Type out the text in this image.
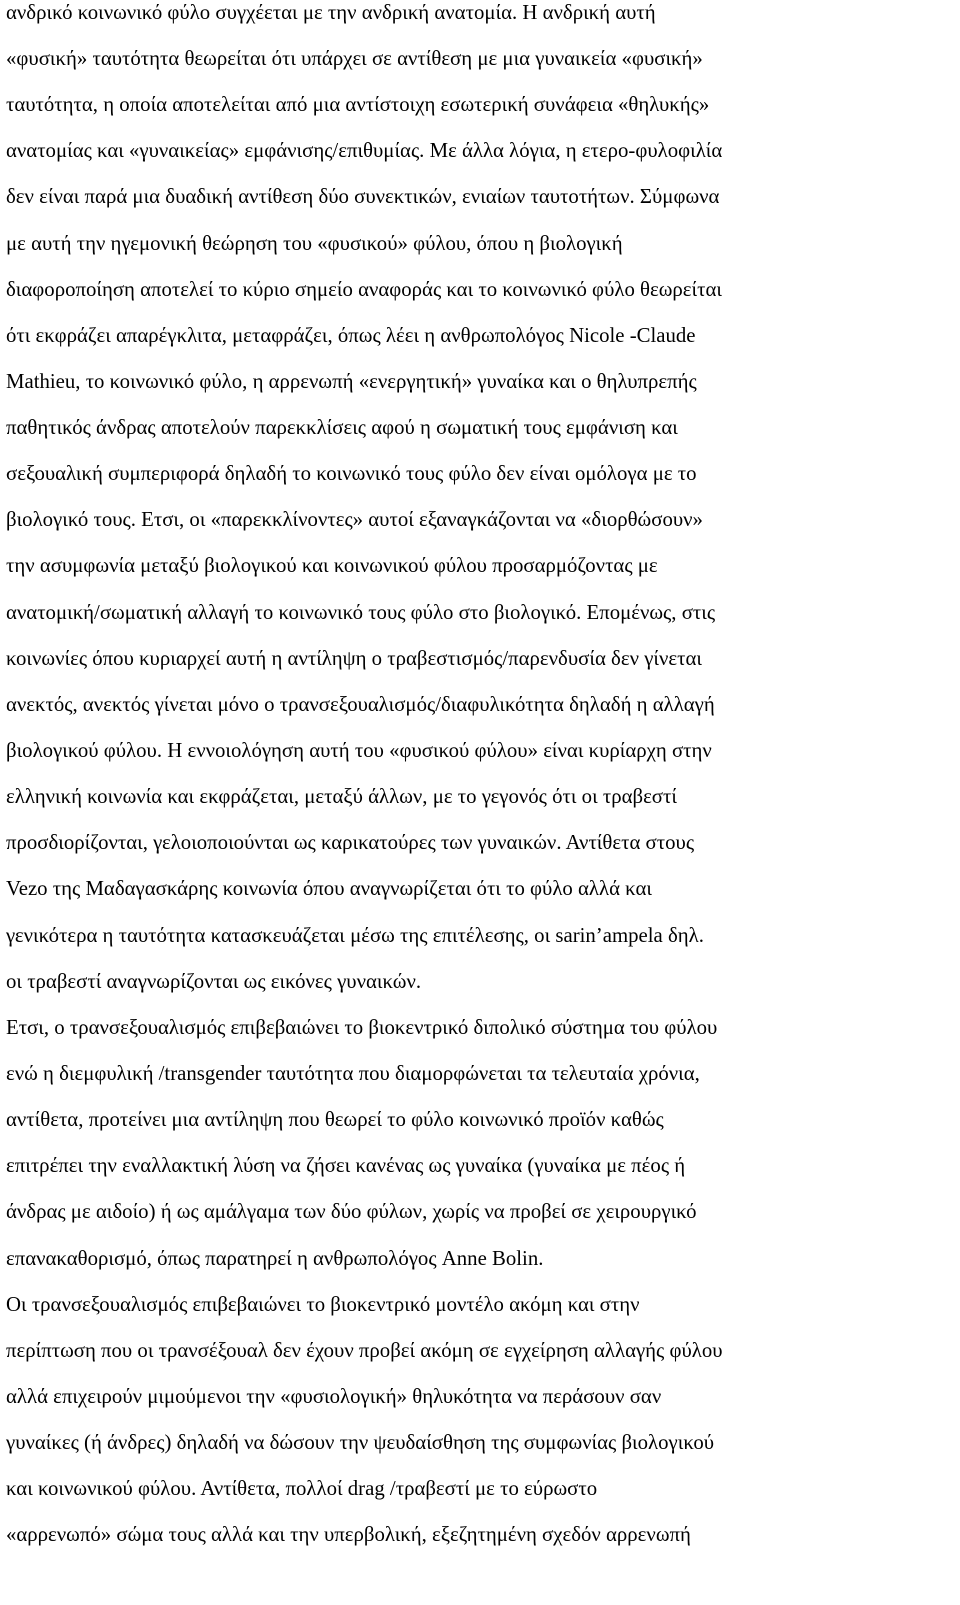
ανδρικό κοινωνικό φύλο συγχέεται με την ανδρική ανατομία. Η ανδρική αυτή
«φυσική» ταυτότητα θεωρείται ότι υπάρχει σε αντίθεση με μια γυναικεία «φυσική»
ταυτότητα, η οποία αποτελείται από μια αντίστοιχη εσωτερική συνάφεια «θηλυκής»
ανατομίας και «γυναικείας» εμφάνισης/επιθυμίας. Με άλλα λόγια, η ετερο-φυλοφιλία
δεν είναι παρά μια δυαδική αντίθεση δύο συνεκτικών, ενιαίων ταυτοτήτων. Σύμφωνα
με αυτή την ηγεμονική θεώρηση του «φυσικού» φύλου, όπου η βιολογική
διαφοροποίηση αποτελεί το κύριο σημείο αναφοράς και το κοινωνικό φύλο θεωρείται
ότι εκφράζει απαρέγκλιτα, μεταφράζει, όπως λέει η ανθρωπολόγος Nicole -Claude
Mathieu, το κοινωνικό φύλο, η αρρενωπή «ενεργητική» γυναίκα και ο θηλυπρεπής
παθητικός άνδρας αποτελούν παρεκκλίσεις αφού η σωματική τους εμφάνιση και
σεξουαλική συμπεριφορά δηλαδή το κοινωνικό τους φύλο δεν είναι ομόλογα με το
βιολογικό τους. Ετσι, οι «παρεκκλίνοντες» αυτοί εξαναγκάζονται να «διορθώσουν»
την ασυμφωνία μεταξύ βιολογικού και κοινωνικού φύλου προσαρμόζοντας με
ανατομική/σωματική αλλαγή το κοινωνικό τους φύλο στο βιολογικό. Επομένως, στις
κοινωνίες όπου κυριαρχεί αυτή η αντίληψη ο τραβεστισμός/παρενδυσία δεν γίνεται
ανεκτός, ανεκτός γίνεται μόνο ο τρανσεξουαλισμός/διαφυλικότητα δηλαδή η αλλαγή
βιολογικού φύλου. Η εννοιολόγηση αυτή του «φυσικού φύλου» είναι κυρίαρχη στην
ελληνική κοινωνία και εκφράζεται, μεταξύ άλλων, με το γεγονός ότι οι τραβεστί
προσδιορίζονται, γελοιοποιούνται ως καρικατούρες των γυναικών. Αντίθετα στους
Vezo της Μαδαγασκάρης κοινωνία όπου αναγνωρίζεται ότι το φύλο αλλά και
γενικότερα η ταυτότητα κατασκευάζεται μέσω της επιτέλεσης, οι sarin’ampela δηλ.
οι τραβεστί αναγνωρίζονται ως εικόνες γυναικών.
Ετσι, ο τρανσεξουαλισμός επιβεβαιώνει το βιοκεντρικό διπολικό σύστημα του φύλου
ενώ η διεμφυλική /transgender ταυτότητα που διαμορφώνεται τα τελευταία χρόνια,
αντίθετα, προτείνει μια αντίληψη που θεωρεί το φύλο κοινωνικό προϊόν καθώς
επιτρέπει την εναλλακτική λύση να ζήσει κανένας ως γυναίκα (γυναίκα με πέος ή
άνδρας με αιδοίο) ή ως αμάλγαμα των δύο φύλων, χωρίς να προβεί σε χειρουργικό
επανακαθορισμό, όπως παρατηρεί η ανθρωπολόγος Anne Bolin.
Οι τρανσεξουαλισμός επιβεβαιώνει το βιοκεντρικό μοντέλο ακόμη και στην
περίπτωση που οι τρανσέξουαλ δεν έχουν προβεί ακόμη σε εγχείρηση αλλαγής φύλου
αλλά επιχειρούν μιμούμενοι την «φυσιολογική» θηλυκότητα να περάσουν σαν
γυναίκες (ή άνδρες) δηλαδή να δώσουν την ψευδαίσθηση της συμφωνίας βιολογικού
και κοινωνικού φύλου. Αντίθετα, πολλοί drag /τραβεστί με το εύρωστο
«αρρενωπό» σώμα τους αλλά και την υπερβολική, εξεζητημένη σχεδόν αρρενωπή
